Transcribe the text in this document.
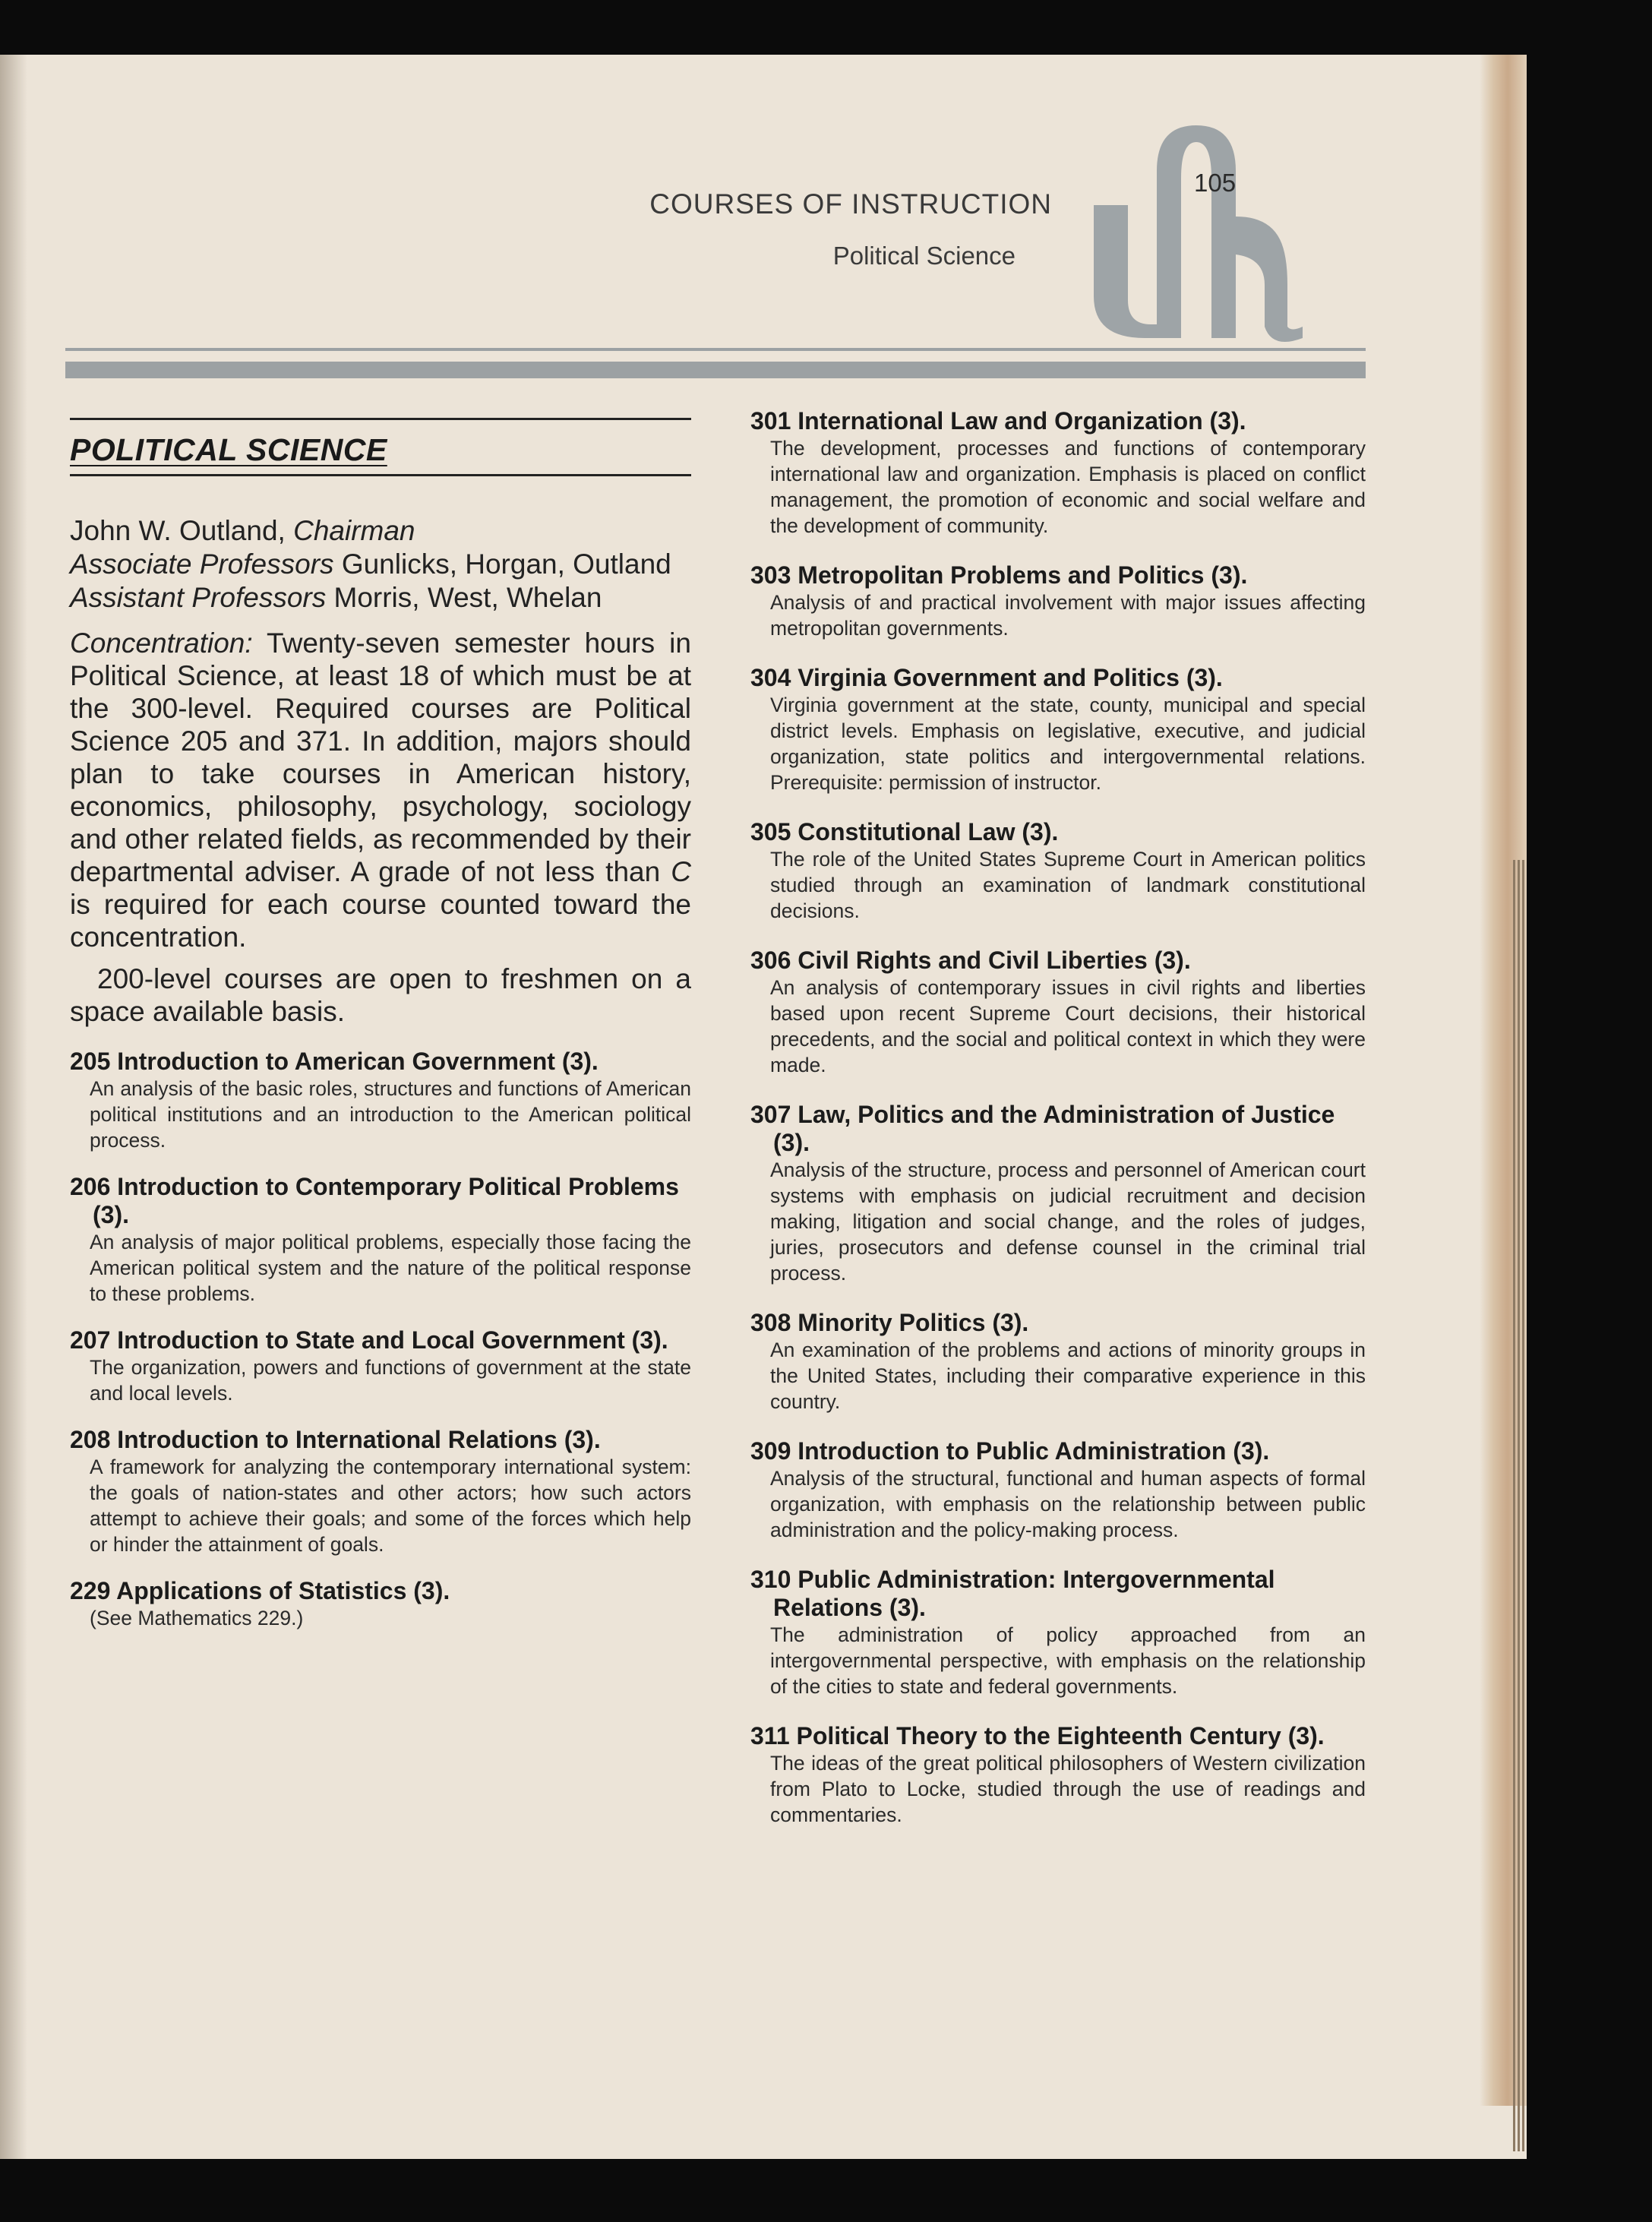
COURSES OF INSTRUCTION
Political Science
105
POLITICAL SCIENCE
John W. Outland, Chairman
Associate Professors Gunlicks, Horgan, Outland
Assistant Professors Morris, West, Whelan

Concentration: Twenty-seven semester hours in Political Science, at least 18 of which must be at the 300-level. Required courses are Political Science 205 and 371. In addition, majors should plan to take courses in American history, economics, philosophy, psychology, sociology and other related fields, as recommended by their departmental adviser. A grade of not less than C is required for each course counted toward the concentration.

200-level courses are open to freshmen on a space available basis.

205 Introduction to American Government (3).
An analysis of the basic roles, structures and functions of American political institutions and an introduction to the American political process.
206 Introduction to Contemporary Political Problems (3).
An analysis of major political problems, especially those facing the American political system and the nature of the political response to these problems.
207 Introduction to State and Local Government (3).
The organization, powers and functions of government at the state and local levels.
208 Introduction to International Relations (3).
A framework for analyzing the contemporary international system: the goals of nation-states and other actors; how such actors attempt to achieve their goals; and some of the forces which help or hinder the attainment of goals.
229 Applications of Statistics (3).
(See Mathematics 229.)
301 International Law and Organization (3).
The development, processes and functions of contemporary international law and organization. Emphasis is placed on conflict management, the promotion of economic and social welfare and the development of community.
303 Metropolitan Problems and Politics (3).
Analysis of and practical involvement with major issues affecting metropolitan governments.
304 Virginia Government and Politics (3).
Virginia government at the state, county, municipal and special district levels. Emphasis on legislative, executive, and judicial organization, state politics and intergovernmental relations. Prerequisite: permission of instructor.
305 Constitutional Law (3).
The role of the United States Supreme Court in American politics studied through an examination of landmark constitutional decisions.
306 Civil Rights and Civil Liberties (3).
An analysis of contemporary issues in civil rights and liberties based upon recent Supreme Court decisions, their historical precedents, and the social and political context in which they were made.
307 Law, Politics and the Administration of Justice (3).
Analysis of the structure, process and personnel of American court systems with emphasis on judicial recruitment and decision making, litigation and social change, and the roles of judges, juries, prosecutors and defense counsel in the criminal trial process.
308 Minority Politics (3).
An examination of the problems and actions of minority groups in the United States, including their comparative experience in this country.
309 Introduction to Public Administration (3).
Analysis of the structural, functional and human aspects of formal organization, with emphasis on the relationship between public administration and the policy-making process.
310 Public Administration: Intergovernmental Relations (3).
The administration of policy approached from an intergovernmental perspective, with emphasis on the relationship of the cities to state and federal governments.
311 Political Theory to the Eighteenth Century (3).
The ideas of the great political philosophers of Western civilization from Plato to Locke, studied through the use of readings and commentaries.
